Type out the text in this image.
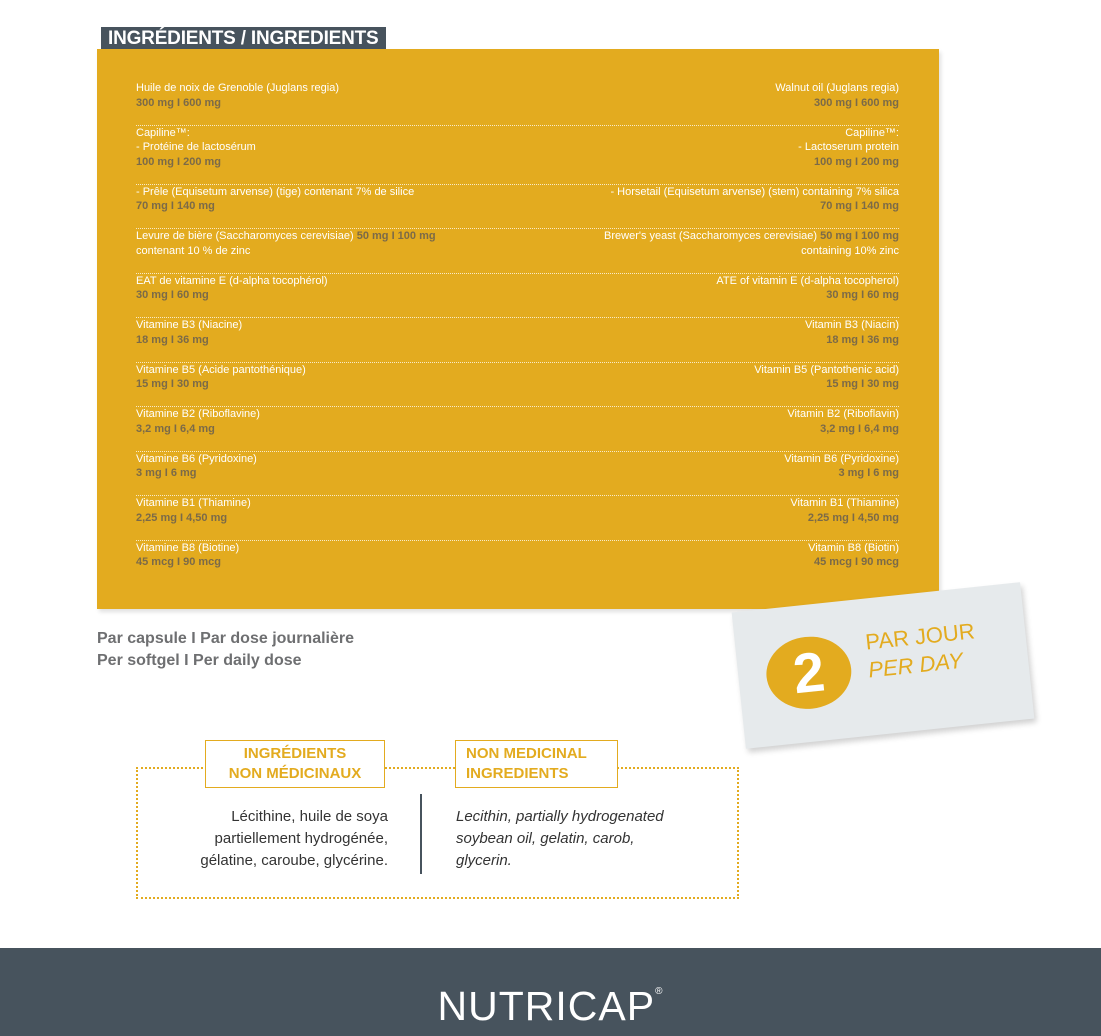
INGRÉDIENTS / INGREDIENTS
Huile de noix de Grenoble (Juglans regia)
300 mg I 600 mg
Walnut oil (Juglans regia)
300 mg I 600 mg
Capiline™:
- Protéine de lactosérum
100 mg I 200 mg
Capiline™:
- Lactoserum protein
100 mg I 200 mg
- Prêle (Equisetum arvense) (tige) contenant 7% de silice
70 mg I 140 mg
- Horsetail (Equisetum arvense) (stem) containing 7% silica
70 mg I 140 mg
Levure de bière (Saccharomyces cerevisiae) 50 mg I 100 mg
contenant 10 % de zinc
Brewer's yeast (Saccharomyces cerevisiae) 50 mg I 100 mg
containing 10% zinc
EAT de vitamine E (d-alpha tocophérol)
30 mg I 60 mg
ATE of vitamin E (d-alpha tocopherol)
30 mg I 60 mg
Vitamine B3 (Niacine)
18 mg I 36 mg
Vitamin B3 (Niacin)
18 mg I 36 mg
Vitamine B5 (Acide pantothénique)
15 mg I 30 mg
Vitamin B5 (Pantothenic acid)
15 mg I 30 mg
Vitamine B2 (Riboflavine)
3,2 mg I 6,4 mg
Vitamin B2 (Riboflavin)
3,2 mg I 6,4 mg
Vitamine B6 (Pyridoxine)
3 mg I 6 mg
Vitamin B6 (Pyridoxine)
3 mg I 6 mg
Vitamine B1 (Thiamine)
2,25 mg I 4,50 mg
Vitamin B1 (Thiamine)
2,25 mg I 4,50 mg
Vitamine B8 (Biotine)
45 mcg I 90 mcg
Vitamin B8 (Biotin)
45 mcg I 90 mcg
Par capsule I Par dose journalière
Per softgel I Per daily dose	2
PAR JOUR
PER DAY
INGRÉDIENTS
NON MÉDICINAUX
NON MEDICINAL
INGREDIENTS
Lécithine, huile de soya
partiellement hydrogénée,
gélatine, caroube, glycérine.
Lecithin, partially hydrogenated
soybean oil, gelatin, carob,
glycerin.
NUTRICAP®
